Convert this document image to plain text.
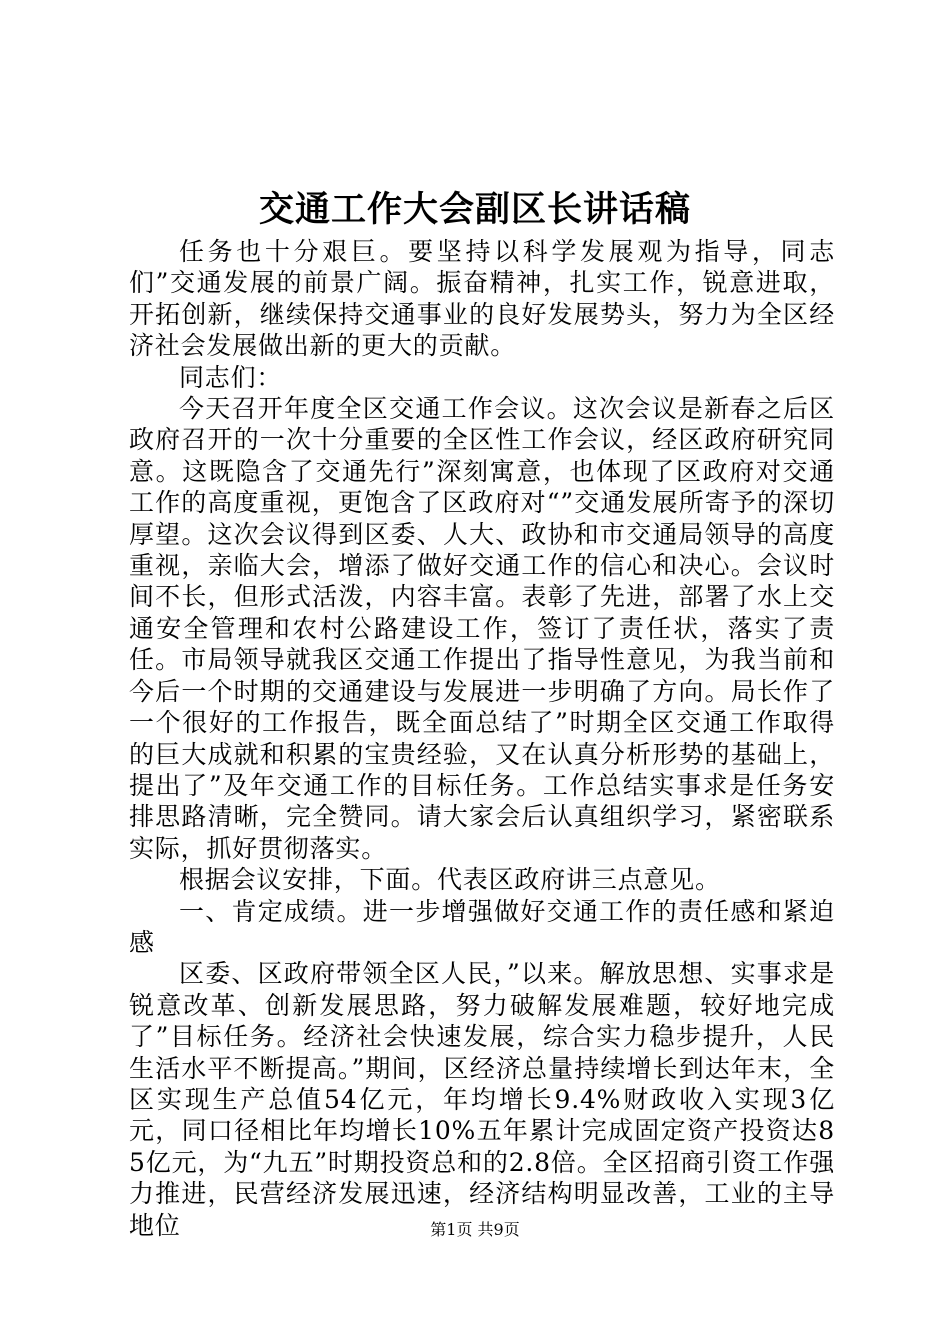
交通工作大会副区长讲话稿

任务也十分艰巨。要坚持以科学发展观为指导，同志们”交通发展的前景广阔。振奋精神，扎实工作，锐意进取，开拓创新，继续保持交通事业的良好发展势头，努力为全区经济社会发展做出新的更大的贡献。

同志们：

今天召开年度全区交通工作会议。这次会议是新春之后区政府召开的一次十分重要的全区性工作会议，经区政府研究同意。这既隐含了交通先行”深刻寓意，也体现了区政府对交通工作的高度重视，更饱含了区政府对“”交通发展所寄予的深切厚望。这次会议得到区委、人大、政协和市交通局领导的高度重视，亲临大会，增添了做好交通工作的信心和决心。会议时间不长，但形式活泼，内容丰富。表彰了先进，部署了水上交通安全管理和农村公路建设工作，签订了责任状，落实了责任。市局领导就我区交通工作提出了指导性意见，为我当前和今后一个时期的交通建设与发展进一步明确了方向。局长作了一个很好的工作报告，既全面总结了”时期全区交通工作取得的巨大成就和积累的宝贵经验，又在认真分析形势的基础上，提出了”及年交通工作的目标任务。工作总结实事求是任务安排思路清晰，完全赞同。请大家会后认真组织学习，紧密联系实际，抓好贯彻落实。

根据会议安排，下面。代表区政府讲三点意见。

一、肯定成绩。进一步增强做好交通工作的责任感和紧迫感

区委、区政府带领全区人民，”以来。解放思想、实事求是锐意改革、创新发展思路，努力破解发展难题，较好地完成了”目标任务。经济社会快速发展，综合实力稳步提升，人民生活水平不断提高。”期间，区经济总量持续增长到达年末，全区实现生产总值54亿元，年均增长9.4%财政收入实现3亿元，同口径相比年均增长10%五年累计完成固定资产投资达85亿元，为“九五”时期投资总和的2.8倍。全区招商引资工作强力推进，民营经济发展迅速，经济结构明显改善，工业的主导地位	第1页 共9页
